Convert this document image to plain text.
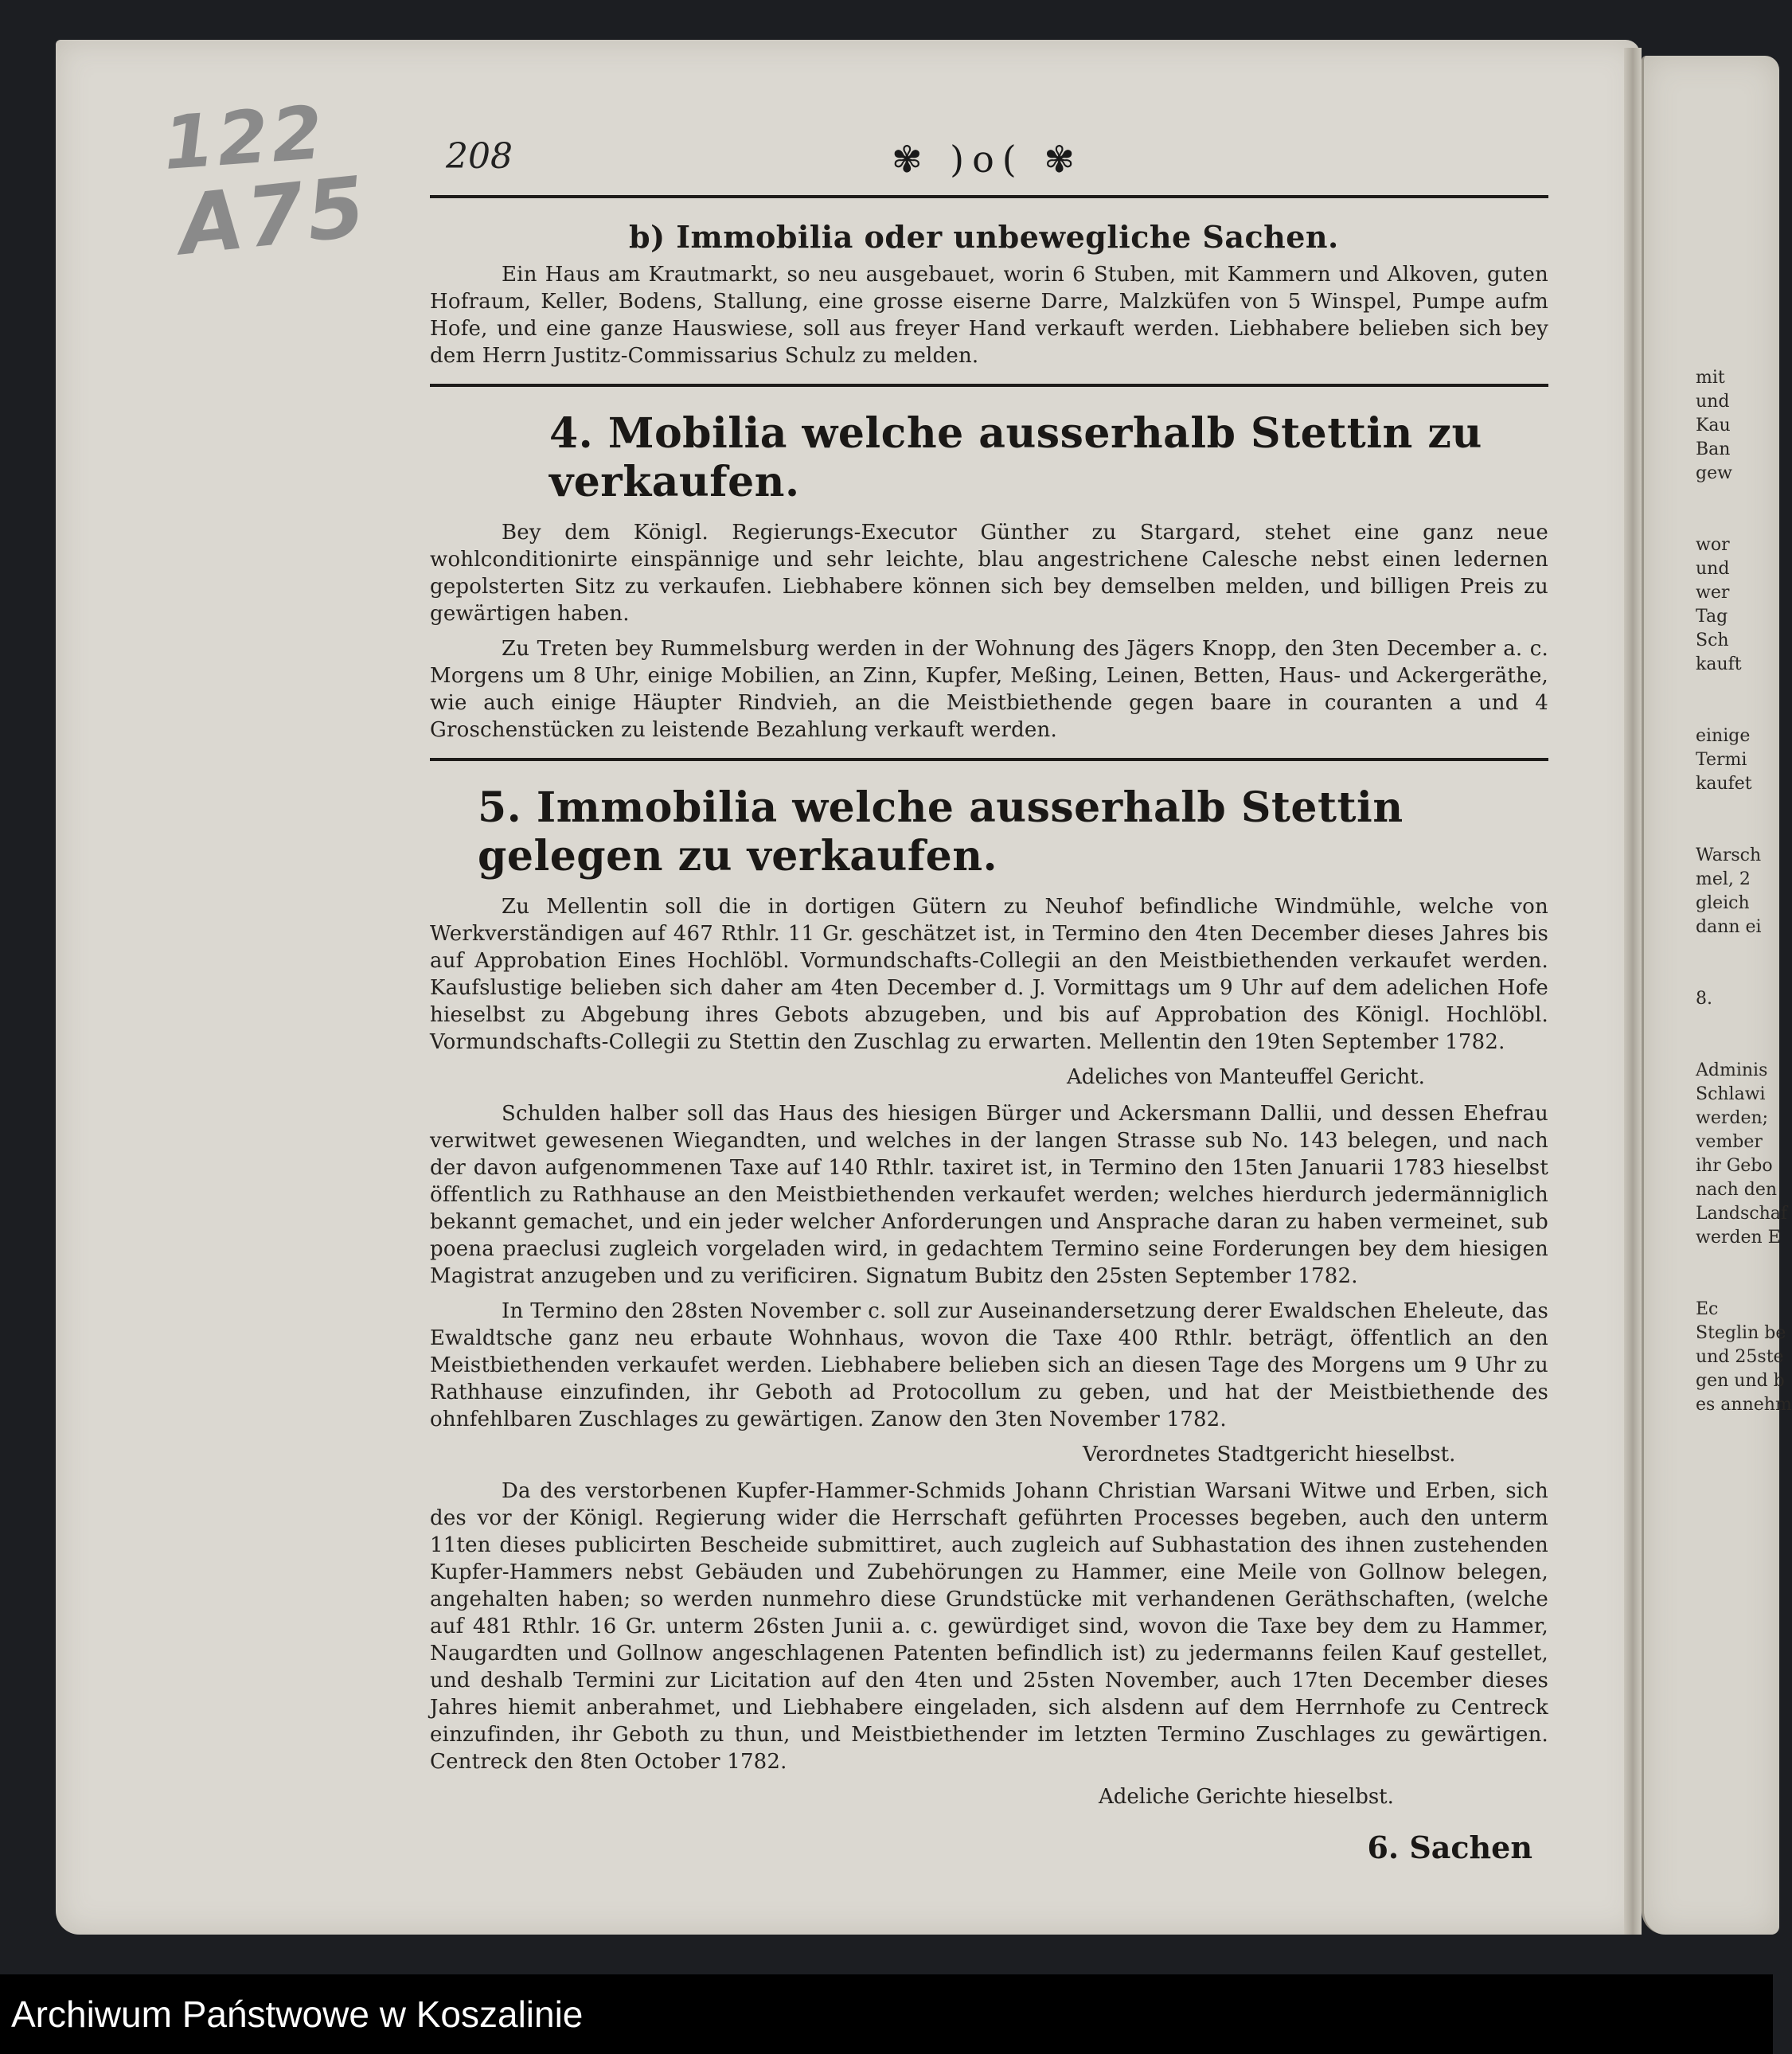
122
A75
208	✾ )o( ✾
b) Immobilia oder unbewegliche Sachen.

Ein Haus am Krautmarkt, so neu ausgebauet, worin 6 Stuben, mit Kammern und Alkoven, guten Hofraum, Keller, Bodens, Stallung, eine grosse eiserne Darre, Malzküfen von 5 Winspel, Pumpe aufm Hofe, und eine ganze Hauswiese, soll aus freyer Hand verkauft werden. Liebhabere belieben sich bey dem Herrn Justitz-Commissarius Schulz zu melden.

4. Mobilia welche ausserhalb Stettin zu verkaufen.

Bey dem Königl. Regierungs-Executor Günther zu Stargard, stehet eine ganz neue wohlconditionirte einspännige und sehr leichte, blau angestrichene Calesche nebst einen ledernen gepolsterten Sitz zu verkaufen. Liebhabere können sich bey demselben melden, und billigen Preis zu gewärtigen haben.

Zu Treten bey Rummelsburg werden in der Wohnung des Jägers Knopp, den 3ten December a. c. Morgens um 8 Uhr, einige Mobilien, an Zinn, Kupfer, Meßing, Leinen, Betten, Haus- und Ackergeräthe, wie auch einige Häupter Rindvieh, an die Meistbiethende gegen baare in couranten a und 4 Groschenstücken zu leistende Bezahlung verkauft werden.

5. Immobilia welche ausserhalb Stettin gelegen zu verkaufen.

Zu Mellentin soll die in dortigen Gütern zu Neuhof befindliche Windmühle, welche von Werkverständigen auf 467 Rthlr. 11 Gr. geschätzet ist, in Termino den 4ten December dieses Jahres bis auf Approbation Eines Hochlöbl. Vormundschafts-Collegii an den Meistbiethenden verkaufet werden. Kaufslustige belieben sich daher am 4ten December d. J. Vormittags um 9 Uhr auf dem adelichen Hofe hieselbst zu Abgebung ihres Gebots abzugeben, und bis auf Approbation des Königl. Hochlöbl. Vormundschafts-Collegii zu Stettin den Zuschlag zu erwarten. Mellentin den 19ten September 1782.

Adeliches von Manteuffel Gericht.

Schulden halber soll das Haus des hiesigen Bürger und Ackersmann Dallii, und dessen Ehefrau verwitwet gewesenen Wiegandten, und welches in der langen Strasse sub No. 143 belegen, und nach der davon aufgenommenen Taxe auf 140 Rthlr. taxiret ist, in Termino den 15ten Januarii 1783 hieselbst öffentlich zu Rathhause an den Meistbiethenden verkaufet werden; welches hierdurch jedermänniglich bekannt gemachet, und ein jeder welcher Anforderungen und Ansprache daran zu haben vermeinet, sub poena praeclusi zugleich vorgeladen wird, in gedachtem Termino seine Forderungen bey dem hiesigen Magistrat anzugeben und zu verificiren. Signatum Bubitz den 25sten September 1782.

In Termino den 28sten November c. soll zur Auseinandersetzung derer Ewaldschen Eheleute, das Ewaldtsche ganz neu erbaute Wohnhaus, wovon die Taxe 400 Rthlr. beträgt, öffentlich an den Meistbiethenden verkaufet werden. Liebhabere belieben sich an diesen Tage des Morgens um 9 Uhr zu Rathhause einzufinden, ihr Geboth ad Protocollum zu geben, und hat der Meistbiethende des ohnfehlbaren Zuschlages zu gewärtigen. Zanow den 3ten November 1782.

Verordnetes Stadtgericht hieselbst.

Da des verstorbenen Kupfer-Hammer-Schmids Johann Christian Warsani Witwe und Erben, sich des vor der Königl. Regierung wider die Herrschaft geführten Processes begeben, auch den unterm 11ten dieses publicirten Bescheide submittiret, auch zugleich auf Subhastation des ihnen zustehenden Kupfer-Hammers nebst Gebäuden und Zubehörungen zu Hammer, eine Meile von Gollnow belegen, angehalten haben; so werden nunmehro diese Grundstücke mit verhandenen Geräthschaften, (welche auf 481 Rthlr. 16 Gr. unterm 26sten Junii a. c. gewürdiget sind, wovon die Taxe bey dem zu Hammer, Naugardten und Gollnow angeschlagenen Patenten befindlich ist) zu jedermanns feilen Kauf gestellet, und deshalb Termini zur Licitation auf den 4ten und 25sten November, auch 17ten December dieses Jahres hiemit anberahmet, und Liebhabere eingeladen, sich alsdenn auf dem Herrnhofe zu Centreck einzufinden, ihr Geboth zu thun, und Meistbiethender im letzten Termino Zuschlages zu gewärtigen. Centreck den 8ten October 1782.

Adeliche Gerichte hieselbst.
6. Sachen
mit
und
Kau
Ban
gew
wor
und
wer
Tag
Sch
kauft
einige
Termi
kaufet
Warsch
mel, 2
gleich
dann ei
8.
Adminis
Schlawi
werden;
vember
ihr Gebo
nach den
Landschaf
werden E
Ec
Steglin be
und 25ste
gen und b
es annehm
Archiwum Państwowe w Koszalinie
